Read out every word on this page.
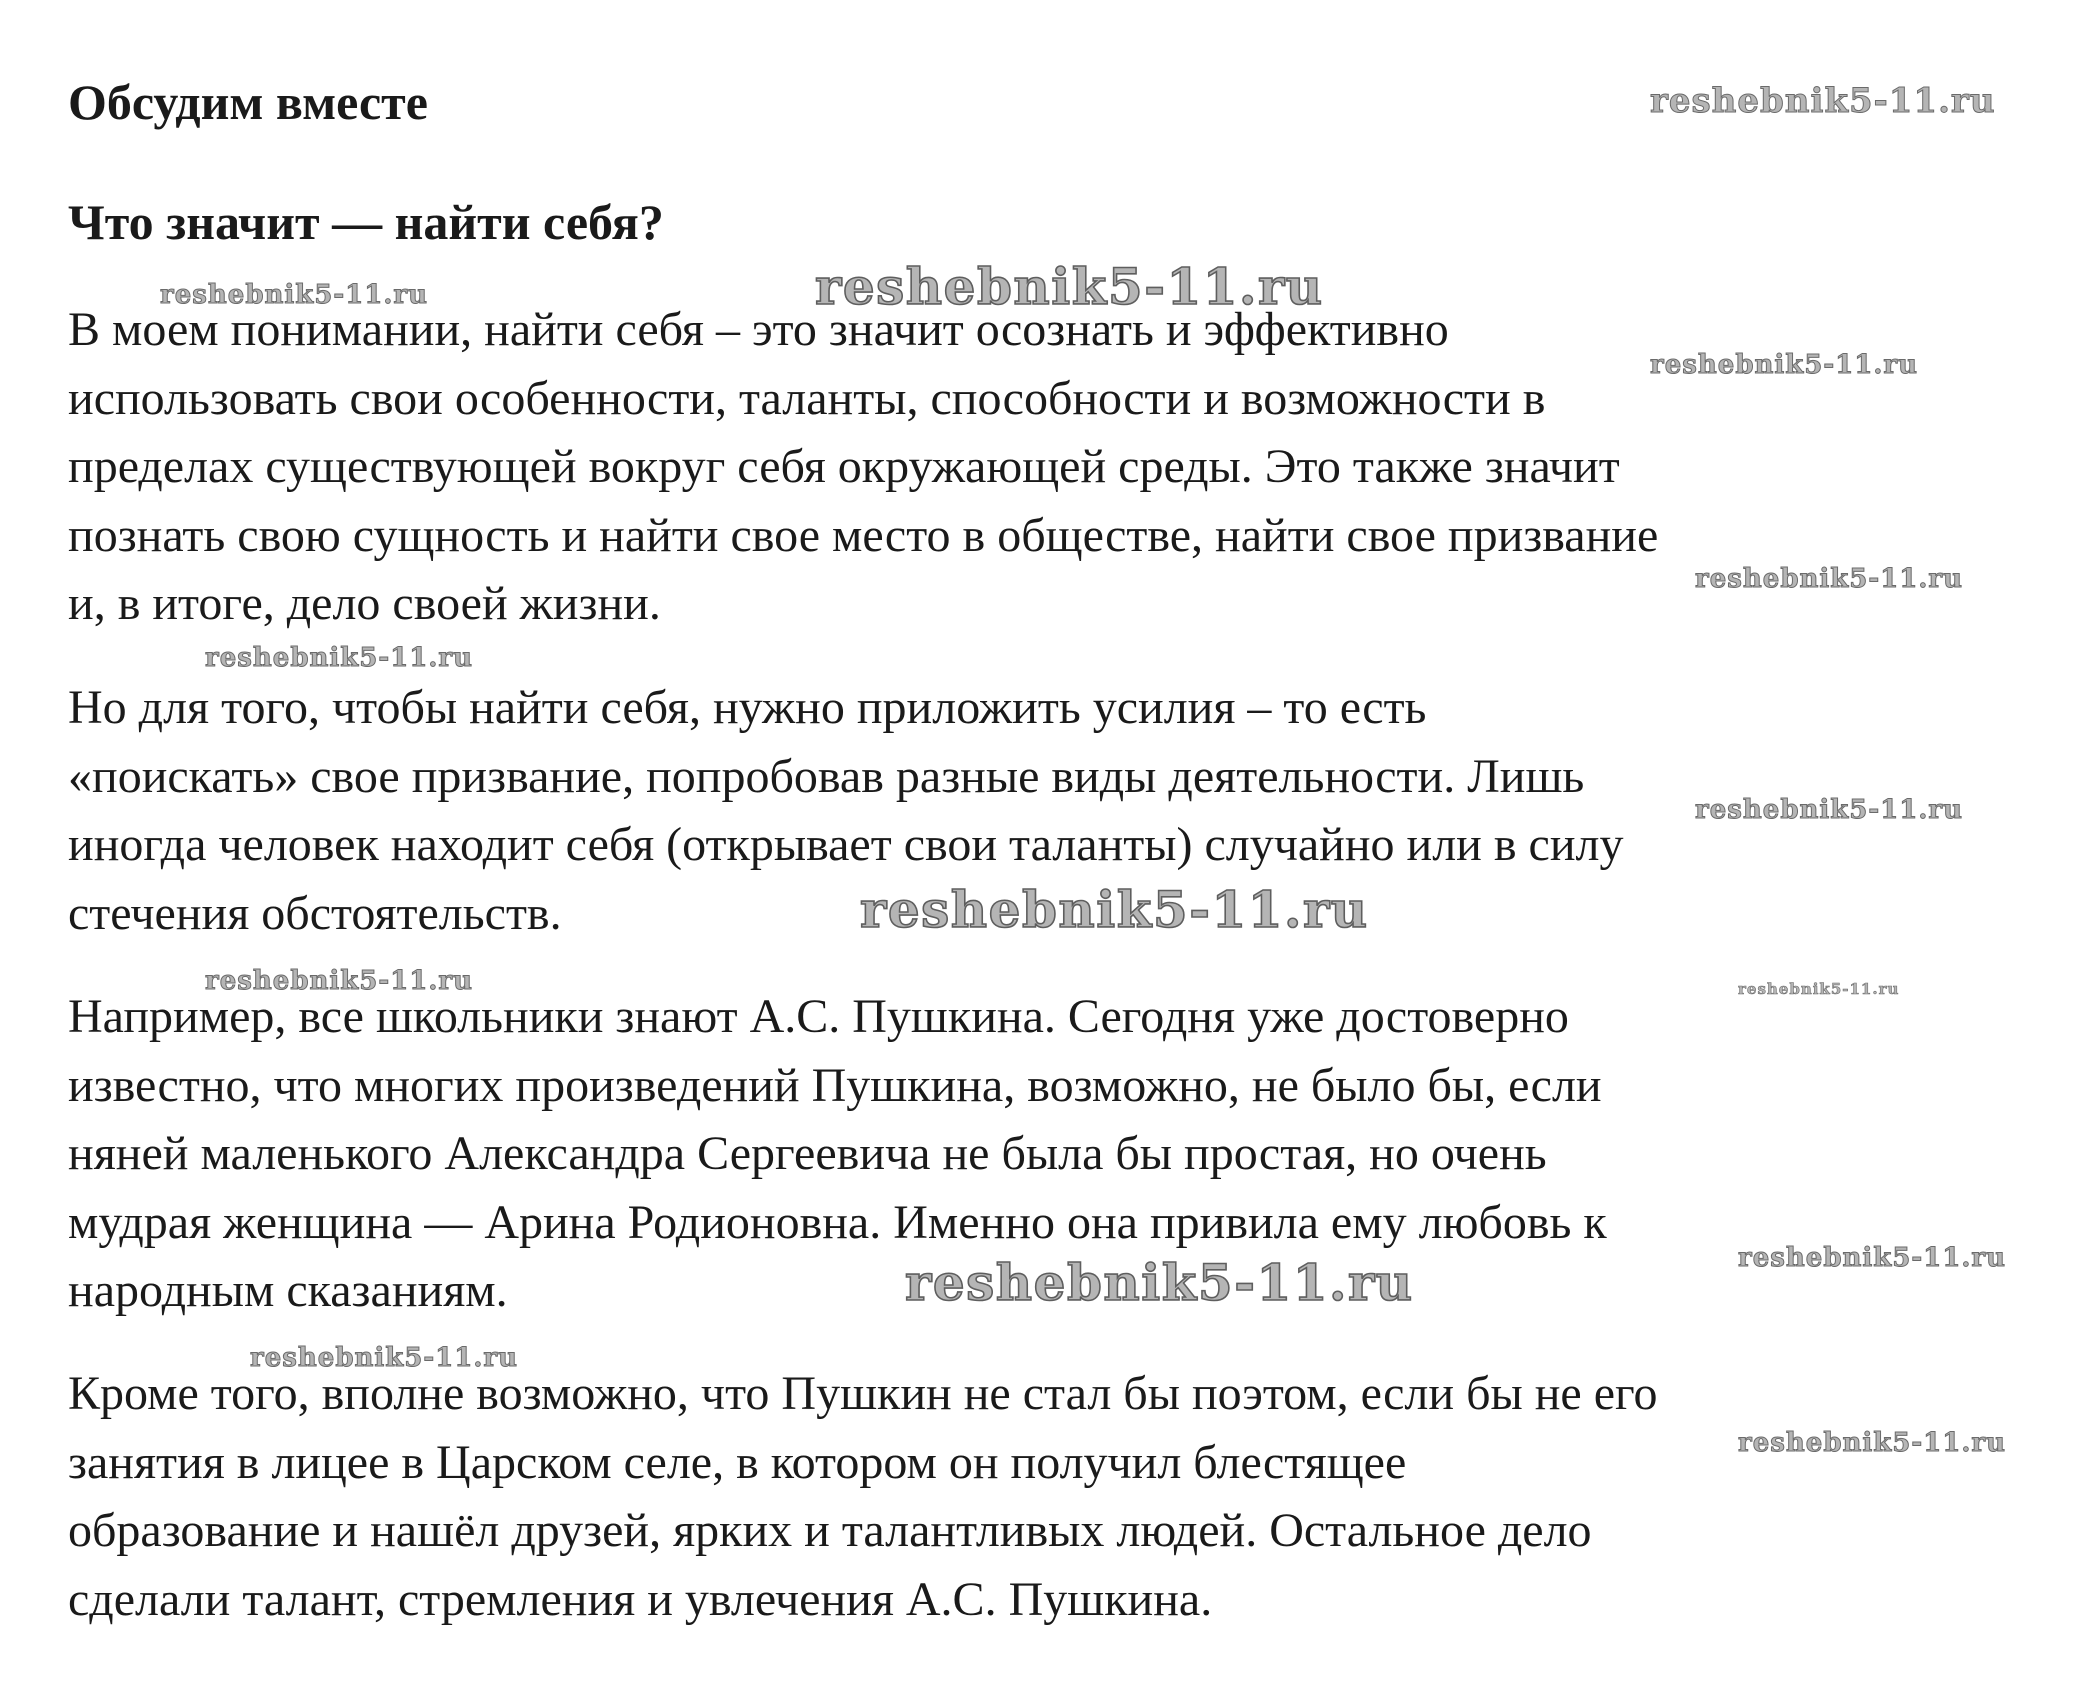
Обсудим вместе
Что значит — найти себя?

В моем понимании, найти себя – это значит осознать и эффективно
использовать свои особенности, таланты, способности и возможности в
пределах существующей вокруг себя окружающей среды. Это также значит
познать свою сущность и найти свое место в обществе, найти свое призвание
и, в итоге, дело своей жизни.

Но для того, чтобы найти себя, нужно приложить усилия – то есть
«поискать» свое призвание, попробовав разные виды деятельности. Лишь
иногда человек находит себя (открывает свои таланты) случайно или в силу
стечения обстоятельств.

Например, все школьники знают А.С. Пушкина. Сегодня уже достоверно
известно, что многих произведений Пушкина, возможно, не было бы, если
няней маленького Александра Сергеевича не была бы простая, но очень
мудрая женщина — Арина Родионовна. Именно она привила ему любовь к
народным сказаниям.

Кроме того, вполне возможно, что Пушкин не стал бы поэтом, если бы не его
занятия в лицее в Царском селе, в котором он получил блестящее
образование и нашёл друзей, ярких и талантливых людей. Остальное дело
сделали талант, стремления и увлечения А.С. Пушкина.

reshebnik5-11.ru
reshebnik5-11.ru	reshebnik5-11.ru
reshebnik5-11.ru
reshebnik5-11.ru
reshebnik5-11.ru
reshebnik5-11.ru
reshebnik5-11.ru
reshebnik5-11.ru	reshebnik5-11.ru
reshebnik5-11.ru
reshebnik5-11.ru
reshebnik5-11.ru
reshebnik5-11.ru
